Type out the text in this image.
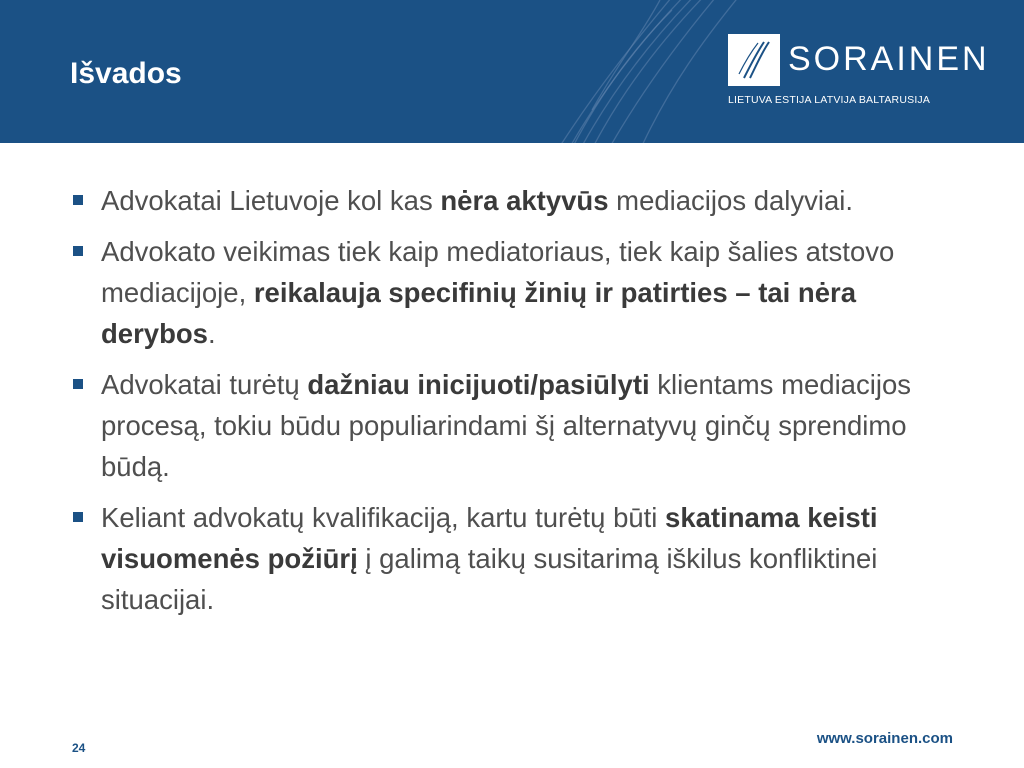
Išvados	SORAINEN
LIETUVA ESTIJA LATVIJA BALTARUSIJA
Advokatai Lietuvoje kol kas nėra aktyvūs mediacijos dalyviai.
Advokato veikimas tiek kaip mediatoriaus, tiek kaip šalies atstovo mediacijoje, reikalauja specifinių žinių ir patirties – tai nėra derybos.
Advokatai turėtų dažniau inicijuoti/pasiūlyti klientams mediacijos procesą, tokiu būdu populiarindami šį alternatyvų ginčų sprendimo būdą.
Keliant advokatų kvalifikaciją, kartu turėtų būti skatinama keisti visuomenės požiūrį į galimą taikų susitarimą iškilus konfliktinei situacijai.
24
www.sorainen.com
